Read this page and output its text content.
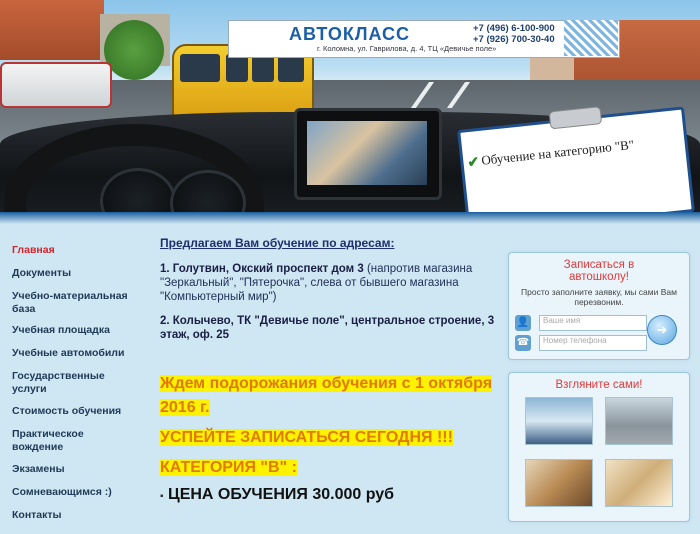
✔ Обучение на категорию "В"
АВТОКЛАСС
г. Коломна, ул. Гаврилова, д. 4, ТЦ «Девичье поле»
+7 (496) 6-100-900
+7 (926) 700-30-40
Главная
Документы
Учебно-материальная база
Учебная площадка
Учебные автомобили
Государственные услуги
Стоимость обучения
Практическое вождение
Экзамены
Сомневающимся :)
Контакты
Предлагаем Вам обучение по адресам:
1. Голутвин, Окский проспект дом 3 (напротив магазина "Зеркальный", "Пятерочка", слева от бывшего магазина "Компьютерный мир")
2. Колычево, ТК "Девичье поле", центральное строение, 3 этаж, оф. 25
Ждем подорожания обучения с 1 октября 2016 г.
УСПЕЙТЕ ЗАПИСАТЬСЯ СЕГОДНЯ !!!
КАТЕГОРИЯ "В" :
▪ ЦЕНА ОБУЧЕНИЯ 30.000 руб
Записаться в
автошколу!
Просто заполните заявку, мы сами Вам перезвоним.
👤	Ваше имя
☎	Номер телефона
➜
Взгляните сами!
